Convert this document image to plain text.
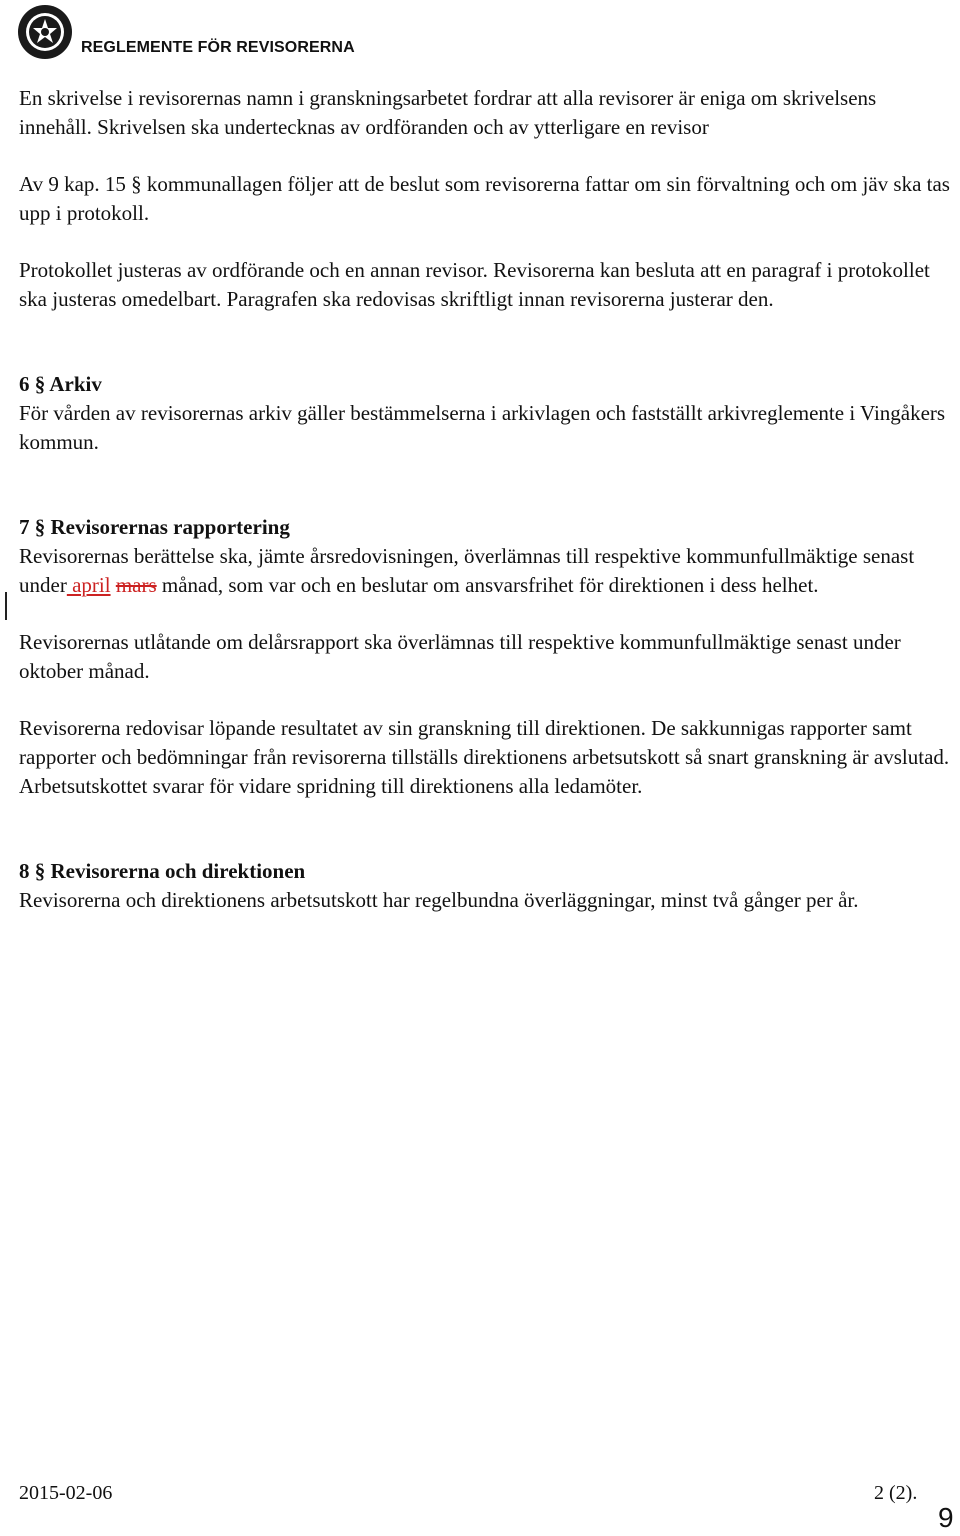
REGLEMENTE FÖR REVISORERNA

En skrivelse i revisorernas namn i granskningsarbetet fordrar att alla revisorer är eniga om skrivelsens innehåll. Skrivelsen ska undertecknas av ordföranden och av ytterligare en revisor

Av 9 kap. 15 § kommunallagen följer att de beslut som revisorerna fattar om sin förvaltning och om jäv ska tas upp i protokoll.

Protokollet justeras av ordförande och en annan revisor. Revisorerna kan besluta att en paragraf i protokollet ska justeras omedelbart. Paragrafen ska redovisas skriftligt innan revisorerna justerar den.

6 § Arkiv

För vården av revisorernas arkiv gäller bestämmelserna i arkivlagen och fastställt arkivreglemente i Vingåkers kommun.

7 § Revisorernas rapportering

Revisorernas berättelse ska, jämte årsredovisningen, överlämnas till respektive kommunfullmäktige senast under april mars månad, som var och en beslutar om ansvarsfrihet för direktionen i dess helhet.

Revisorernas utlåtande om delårsrapport ska överlämnas till respektive kommunfullmäktige senast under oktober månad.

Revisorerna redovisar löpande resultatet av sin granskning till direktionen. De sakkunnigas rapporter samt rapporter och bedömningar från revisorerna tillställs direktionens arbetsutskott så snart granskning är avslutad. Arbetsutskottet svarar för vidare spridning till direktionens alla ledamöter.

8 § Revisorerna och direktionen

Revisorerna och direktionens arbetsutskott har regelbundna överläggningar, minst två gånger per år.

2015-02-06	2 (2).
9
